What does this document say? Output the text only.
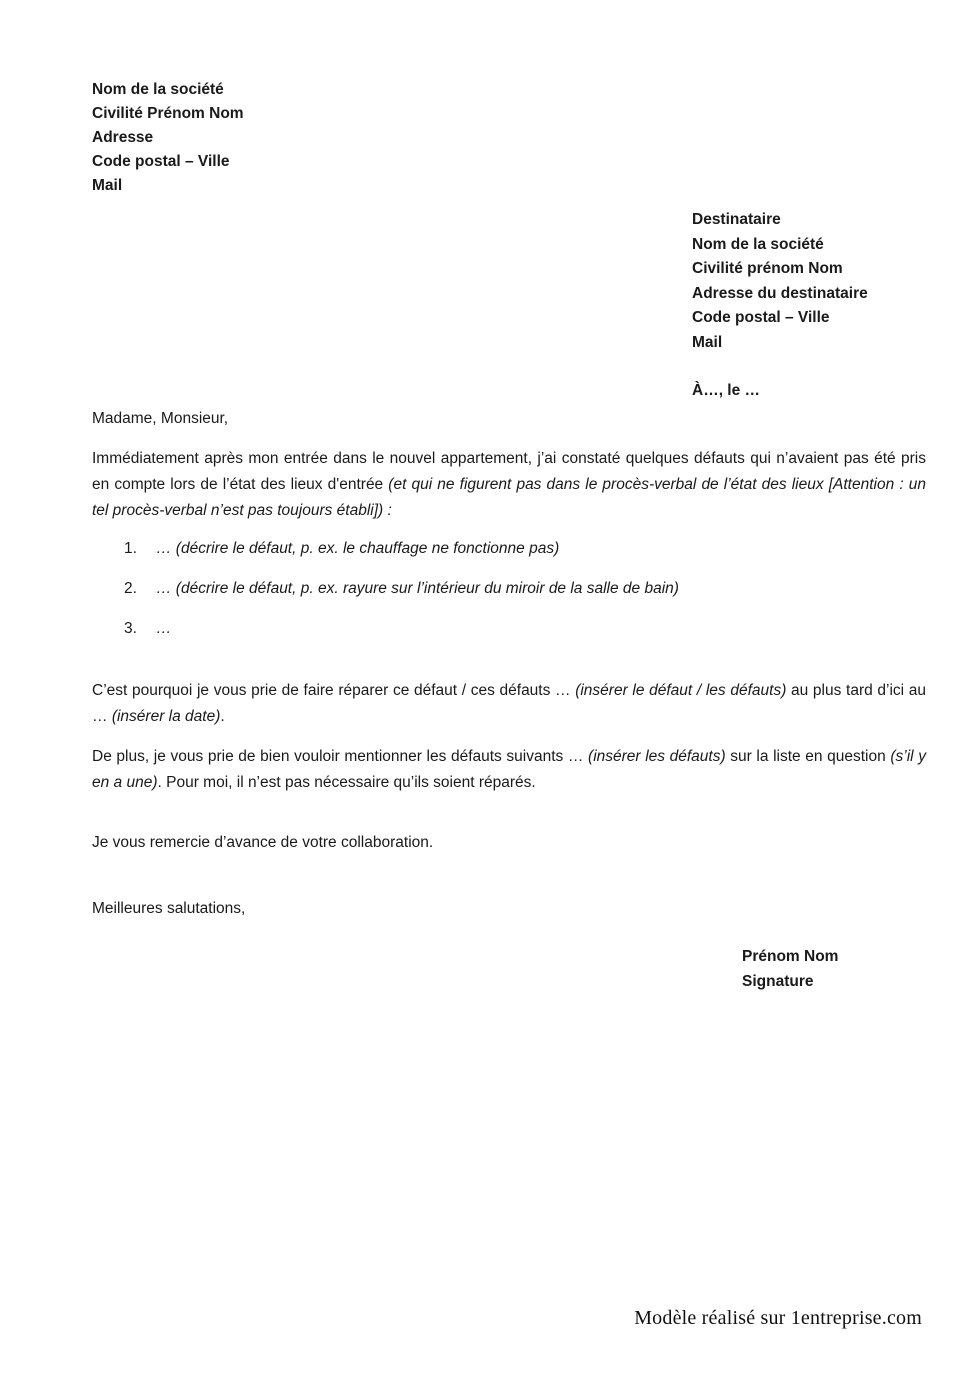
Nom de la société
Civilité Prénom Nom
Adresse
Code postal – Ville
Mail
Destinataire
Nom de la société
Civilité prénom Nom
Adresse du destinataire
Code postal – Ville
Mail
À…, le …

Madame, Monsieur,

Immédiatement après mon entrée dans le nouvel appartement, j’ai constaté quelques défauts qui n’avaient pas été pris en compte lors de l’état des lieux d'entrée (et qui ne figurent pas dans le procès-verbal de l’état des lieux [Attention : un tel procès-verbal n’est pas toujours établi]) :

1.	… (décrire le défaut, p. ex. le chauffage ne fonctionne pas)
2.	… (décrire le défaut, p. ex. rayure sur l’intérieur du miroir de la salle de bain)
3.	…

C’est pourquoi je vous prie de faire réparer ce défaut / ces défauts … (insérer le défaut / les défauts) au plus tard d’ici au … (insérer la date).

De plus, je vous prie de bien vouloir mentionner les défauts suivants … (insérer les défauts) sur la liste en question (s’il y en a une). Pour moi, il n’est pas nécessaire qu’ils soient réparés.

Je vous remercie d’avance de votre collaboration.

Meilleures salutations,

Prénom Nom
Signature
Modèle réalisé sur 1entreprise.com
